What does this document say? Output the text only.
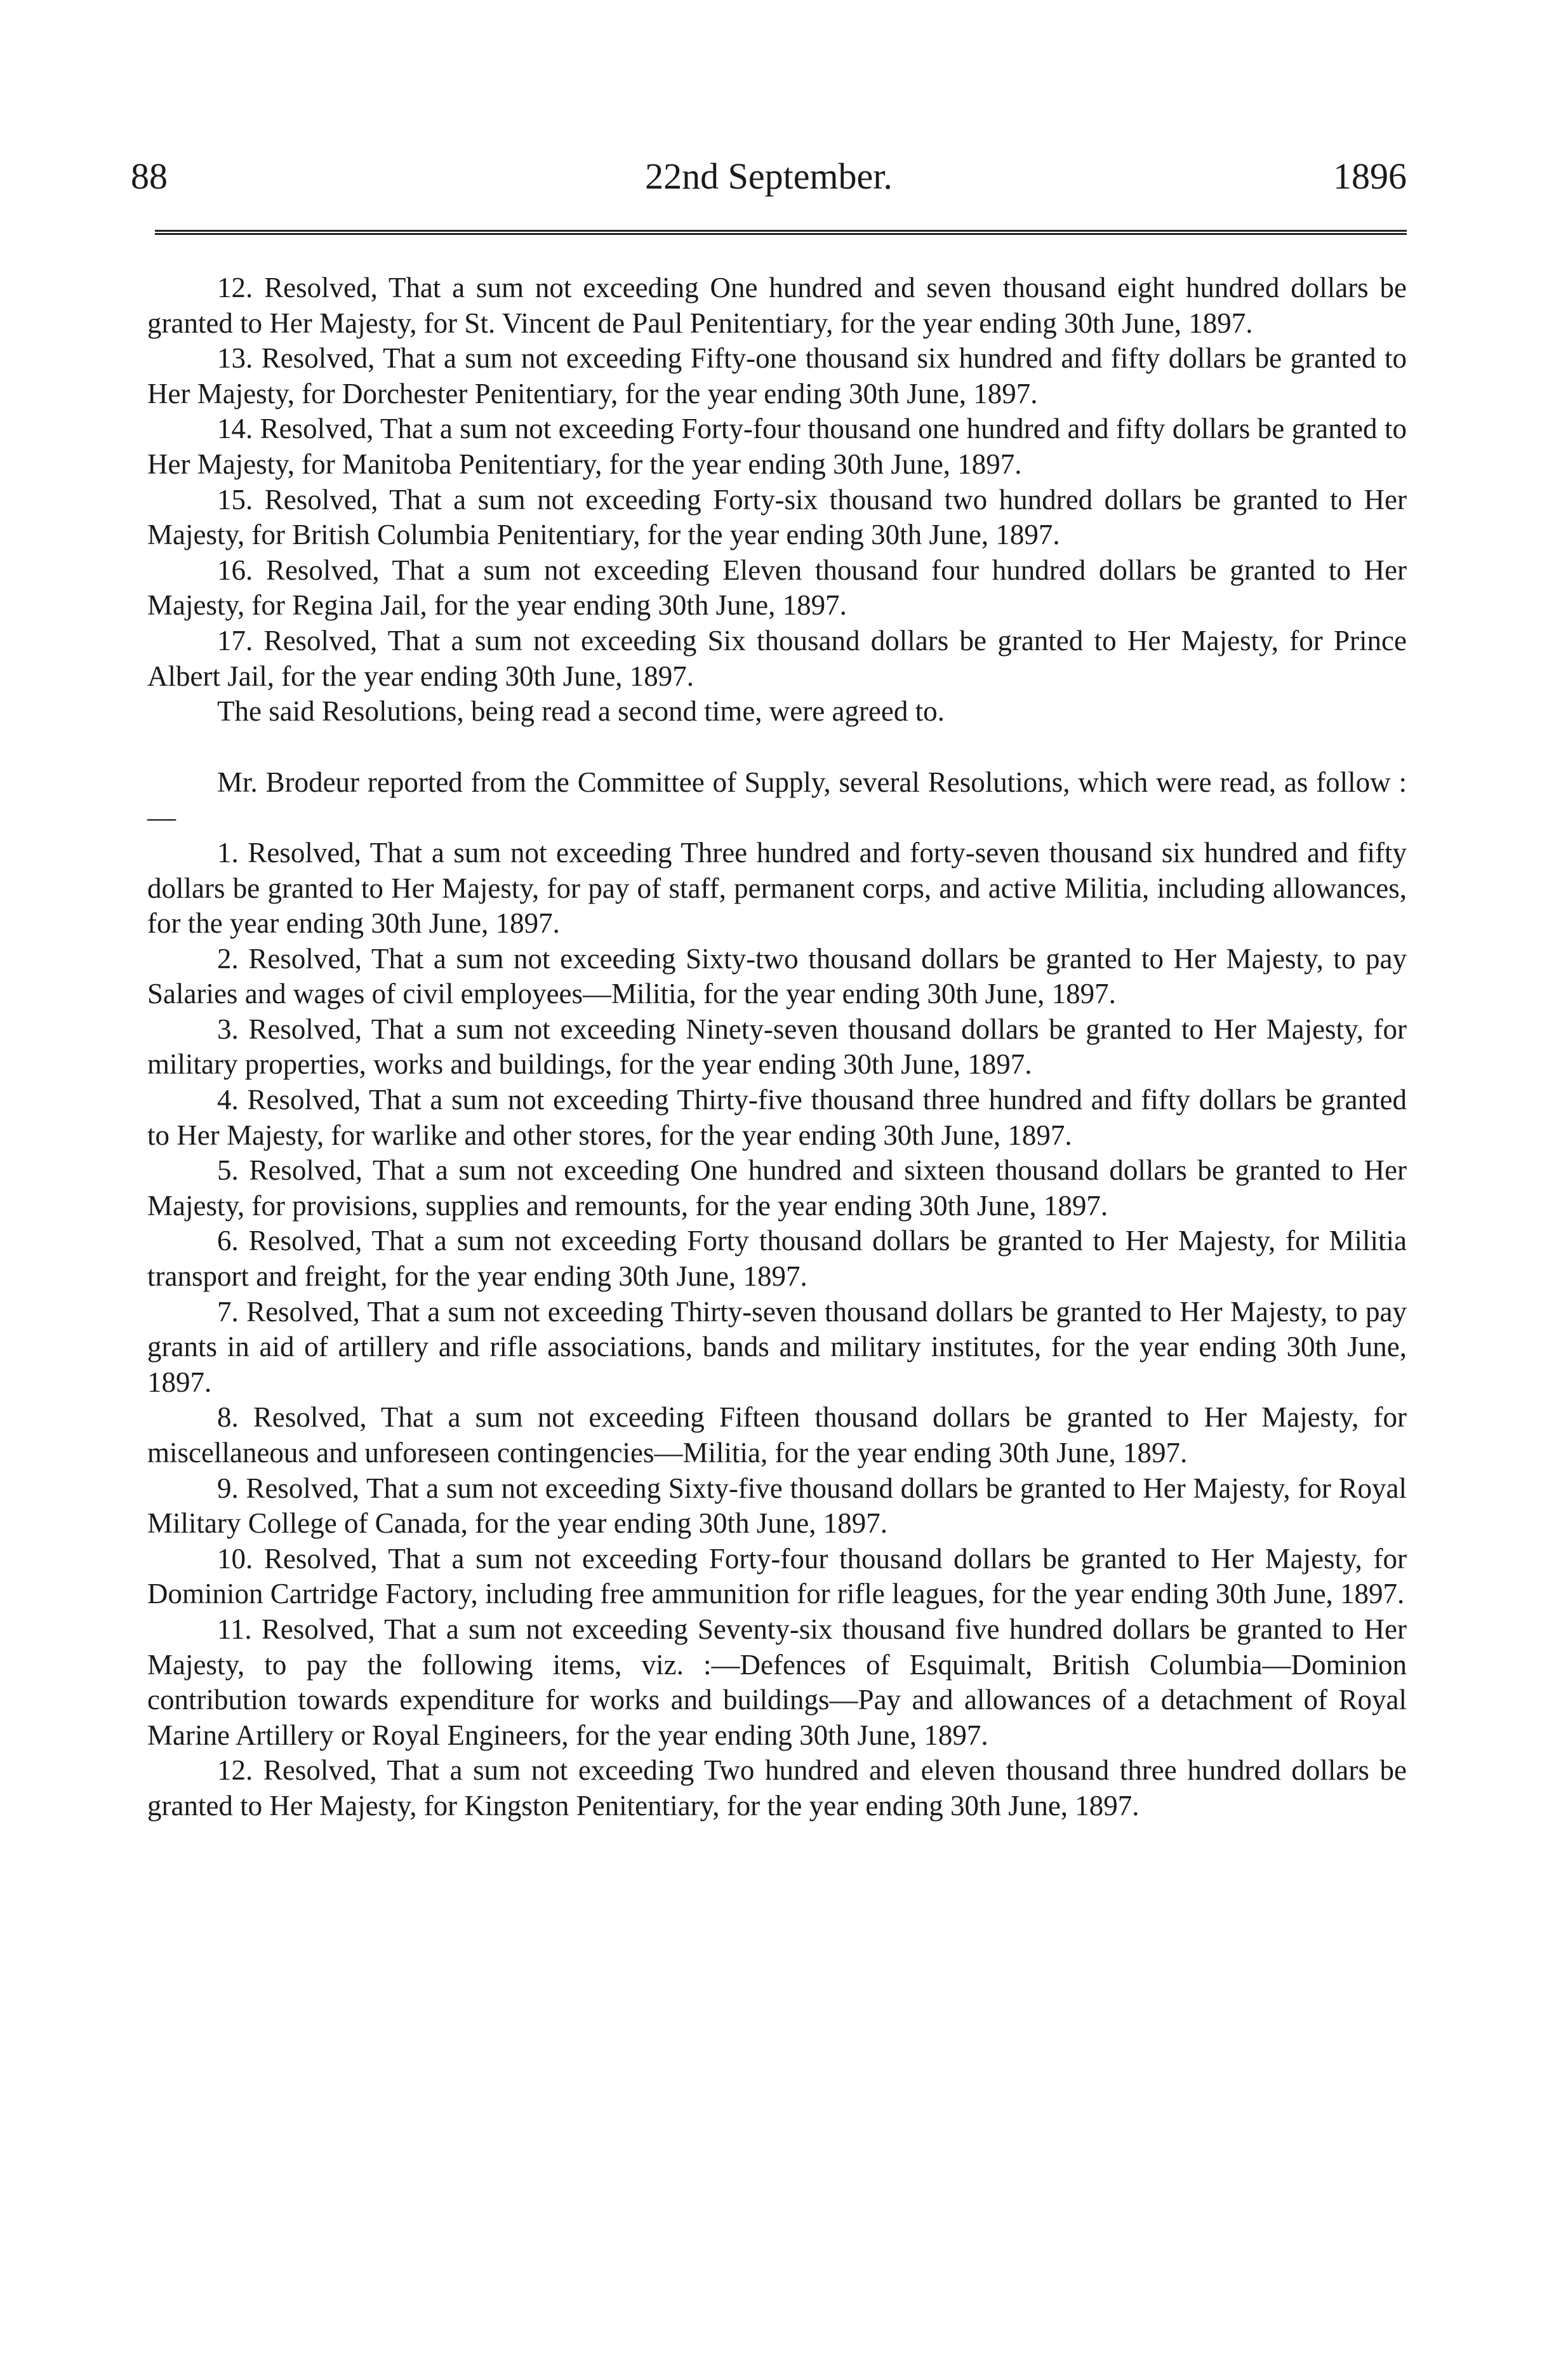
88	22nd September.	1896

12. Resolved, That a sum not exceeding One hundred and seven thousand eight hundred dollars be granted to Her Majesty, for St. Vincent de Paul Penitentiary, for the year ending 30th June, 1897.

13. Resolved, That a sum not exceeding Fifty-one thousand six hundred and fifty dollars be granted to Her Majesty, for Dorchester Penitentiary, for the year ending 30th June, 1897.

14. Resolved, That a sum not exceeding Forty-four thousand one hundred and fifty dollars be granted to Her Majesty, for Manitoba Penitentiary, for the year ending 30th June, 1897.

15. Resolved, That a sum not exceeding Forty-six thousand two hundred dollars be granted to Her Majesty, for British Columbia Penitentiary, for the year ending 30th June, 1897.

16. Resolved, That a sum not exceeding Eleven thousand four hundred dollars be granted to Her Majesty, for Regina Jail, for the year ending 30th June, 1897.

17. Resolved, That a sum not exceeding Six thousand dollars be granted to Her Majesty, for Prince Albert Jail, for the year ending 30th June, 1897.

The said Resolutions, being read a second time, were agreed to.

Mr. Brodeur reported from the Committee of Supply, several Resolutions, which were read, as follow :—

1. Resolved, That a sum not exceeding Three hundred and forty-seven thousand six hundred and fifty dollars be granted to Her Majesty, for pay of staff, permanent corps, and active Militia, including allowances, for the year ending 30th June, 1897.

2. Resolved, That a sum not exceeding Sixty-two thousand dollars be granted to Her Majesty, to pay Salaries and wages of civil employees—Militia, for the year ending 30th June, 1897.

3. Resolved, That a sum not exceeding Ninety-seven thousand dollars be granted to Her Majesty, for military properties, works and buildings, for the year ending 30th June, 1897.

4. Resolved, That a sum not exceeding Thirty-five thousand three hundred and fifty dollars be granted to Her Majesty, for warlike and other stores, for the year ending 30th June, 1897.

5. Resolved, That a sum not exceeding One hundred and sixteen thousand dollars be granted to Her Majesty, for provisions, supplies and remounts, for the year ending 30th June, 1897.

6. Resolved, That a sum not exceeding Forty thousand dollars be granted to Her Majesty, for Militia transport and freight, for the year ending 30th June, 1897.

7. Resolved, That a sum not exceeding Thirty-seven thousand dollars be granted to Her Majesty, to pay grants in aid of artillery and rifle associations, bands and military institutes, for the year ending 30th June, 1897.

8. Resolved, That a sum not exceeding Fifteen thousand dollars be granted to Her Majesty, for miscellaneous and unforeseen contingencies—Militia, for the year ending 30th June, 1897.

9. Resolved, That a sum not exceeding Sixty-five thousand dollars be granted to Her Majesty, for Royal Military College of Canada, for the year ending 30th June, 1897.

10. Resolved, That a sum not exceeding Forty-four thousand dollars be granted to Her Majesty, for Dominion Cartridge Factory, including free ammunition for rifle leagues, for the year ending 30th June, 1897.

11. Resolved, That a sum not exceeding Seventy-six thousand five hundred dollars be granted to Her Majesty, to pay the following items, viz. :—Defences of Esquimalt, British Columbia—Dominion contribution towards expenditure for works and buildings—Pay and allowances of a detachment of Royal Marine Artillery or Royal Engineers, for the year ending 30th June, 1897.

12. Resolved, That a sum not exceeding Two hundred and eleven thousand three hundred dollars be granted to Her Majesty, for Kingston Penitentiary, for the year ending 30th June, 1897.
